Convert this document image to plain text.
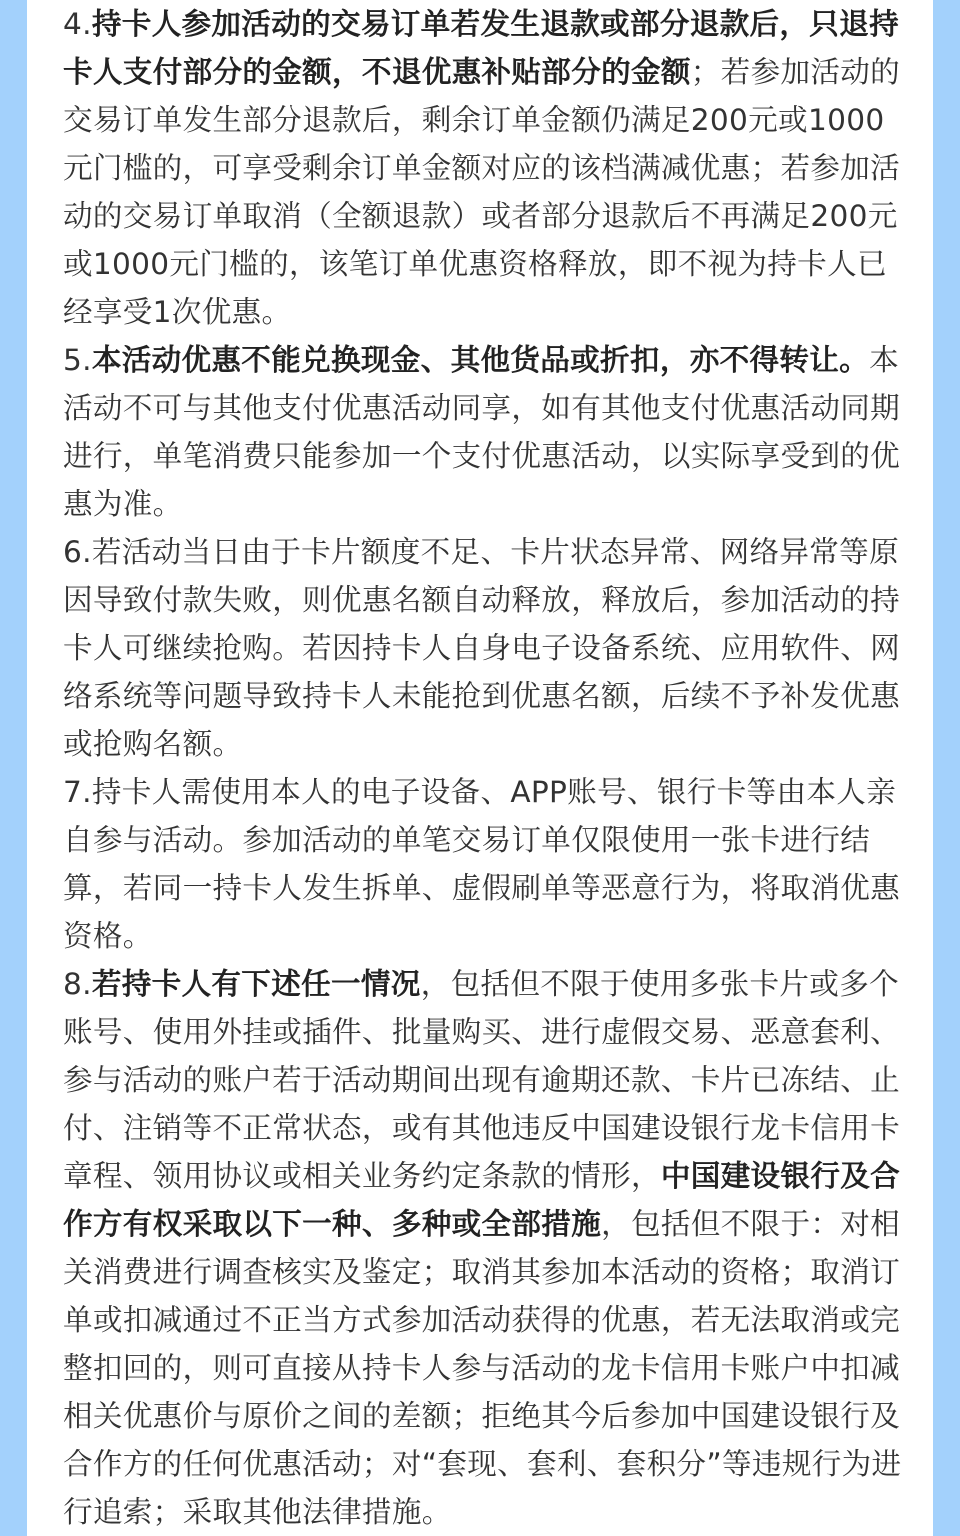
4.持卡人参加活动的交易订单若发生退款或部分退款后，只退持卡人支付部分的金额，不退优惠补贴部分的金额；若参加活动的交易订单发生部分退款后，剩余订单金额仍满足200元或1000元门槛的，可享受剩余订单金额对应的该档满减优惠；若参加活动的交易订单取消（全额退款）或者部分退款后不再满足200元或1000元门槛的，该笔订单优惠资格释放，即不视为持卡人已经享受1次优惠。

5.本活动优惠不能兑换现金、其他货品或折扣，亦不得转让。本活动不可与其他支付优惠活动同享，如有其他支付优惠活动同期进行，单笔消费只能参加一个支付优惠活动，以实际享受到的优惠为准。

6.若活动当日由于卡片额度不足、卡片状态异常、网络异常等原因导致付款失败，则优惠名额自动释放，释放后，参加活动的持卡人可继续抢购。若因持卡人自身电子设备系统、应用软件、网络系统等问题导致持卡人未能抢到优惠名额，后续不予补发优惠或抢购名额。

7.持卡人需使用本人的电子设备、APP账号、银行卡等由本人亲自参与活动。参加活动的单笔交易订单仅限使用一张卡进行结算，若同一持卡人发生拆单、虚假刷单等恶意行为，将取消优惠资格。

8.若持卡人有下述任一情况，包括但不限于使用多张卡片或多个账号、使用外挂或插件、批量购买、进行虚假交易、恶意套利、参与活动的账户若于活动期间出现有逾期还款、卡片已冻结、止付、注销等不正常状态，或有其他违反中国建设银行龙卡信用卡章程、领用协议或相关业务约定条款的情形，中国建设银行及合作方有权采取以下一种、多种或全部措施，包括但不限于：对相关消费进行调查核实及鉴定；取消其参加本活动的资格；取消订单或扣减通过不正当方式参加活动获得的优惠，若无法取消或完整扣回的，则可直接从持卡人参与活动的龙卡信用卡账户中扣减相关优惠价与原价之间的差额；拒绝其今后参加中国建设银行及合作方的任何优惠活动；对“套现、套利、套积分”等违规行为进行追索；采取其他法律措施。
